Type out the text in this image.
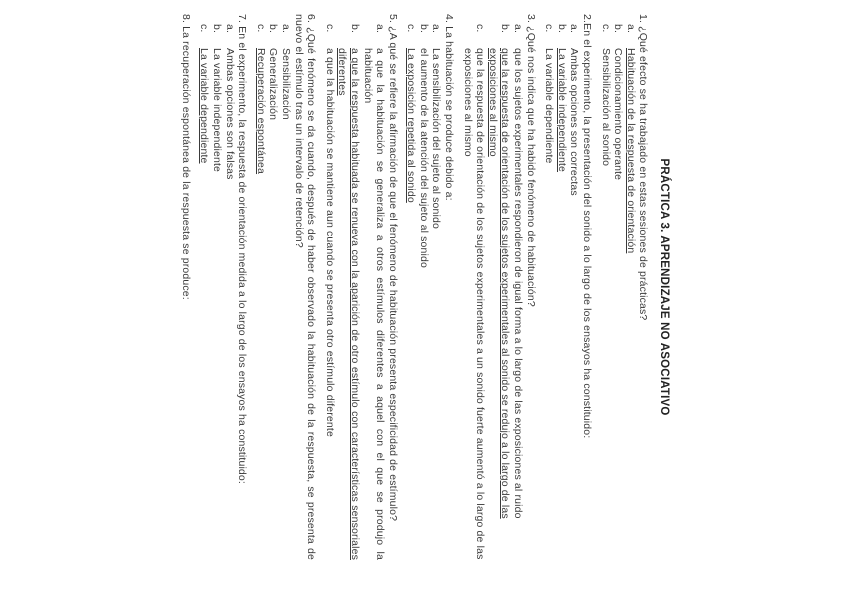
PRÁCTICA 3. APRENDIZAJE NO ASOCIATIVO
1. ¿Qué efecto se ha trabajado en estas sesiones de prácticas?
a.
Habituación de la respuesta de orientación
b.
Condicionamiento operante
c.
Sensibilización al sonido
2.En el experimento, la presentación del sonido a lo largo de los ensayos ha constituido:
a.
Ambas opciones son correctas
b.
La variable independiente
c.
La variable dependiente
3. ¿Qué nos indica que ha habido fenómeno de habituación?
a.
que los sujetos experimentales respondieron de igual forma a lo largo de las exposiciones al ruido
b.
que la respuesta de orientación de los sujetos experimentales al sonido se redujo a lo largo de las exposiciones al mismo
c.
que la respuesta de orientación de los sujetos experimentales a un sonido fuerte aumentó a lo largo de las exposiciones al mismo
4. La habituación se produce debido a:
a.
La sensibilización del sujeto al sonido
b.
el aumento de la atención del sujeto al sonido
c.
La exposición repetida al sonido
5. ¿A qué se refiere la afirmación de que el fenómeno de habituación presenta especificidad de estímulo?
a.
a que la habituación se generaliza a otros estímulos diferentes a aquel con el que se produjo la habituación
b.
a que la respuesta habituada se renueva con la aparición de otro estímulo con características sensoriales diferentes
c.
a que la habituación se mantiene aun cuando se presenta otro estímulo diferente
6. ¿Qué fenómeno se da cuando, después de haber observado la habituación de la respuesta, se presenta de nuevo el estímulo tras un intervalo de retención?
a.
Sensibilización
b.
Generalización
c.
Recuperación espontánea
7. En el experimento, la respuesta de orientación medida a lo largo de los ensayos ha constituido:
a.
Ambas opciones son falsas
b.
La variable independiente
c.
La variable dependiente
8. La recuperación espontánea de la respuesta se produce:
